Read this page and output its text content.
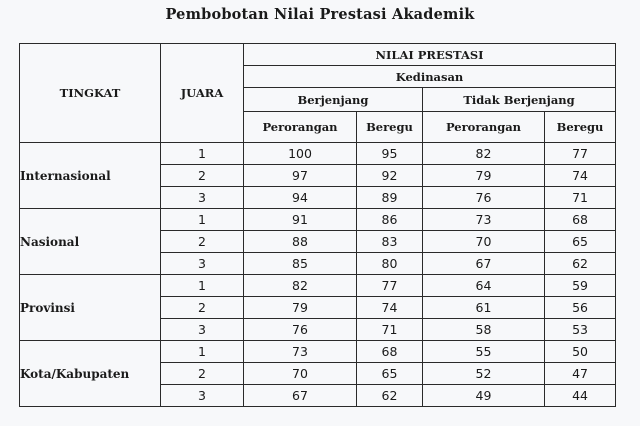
Pembobotan Nilai Prestasi Akademik
TINGKAT	JUARA	NILAI PRESTASI			
		Kedinasan			
		Berjenjang		Tidak Berjenjang	
		Perorangan	Beregu	Perorangan	Beregu
Internasional	1	100	95	82	77
	2	97	92	79	74
	3	94	89	76	71
Nasional	1	91	86	73	68
	2	88	83	70	65
	3	85	80	67	62
Provinsi	1	82	77	64	59
	2	79	74	61	56
	3	76	71	58	53
Kota/Kabupaten	1	73	68	55	50
	2	70	65	52	47
	3	67	62	49	44
